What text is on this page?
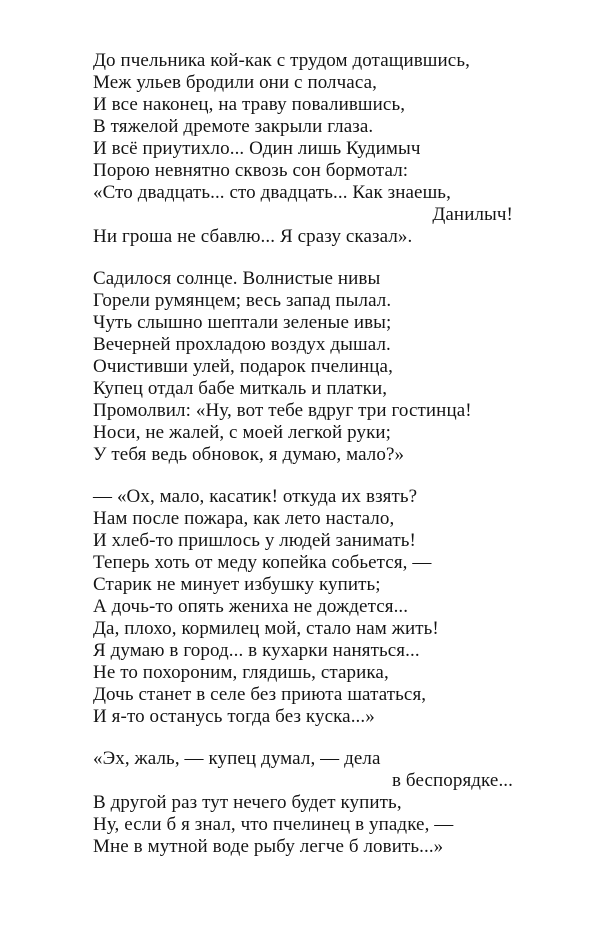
До пчельника кой-как с трудом дотащившись,
Меж ульев бродили они с полчаса,
И все наконец, на траву повалившись,
В тяжелой дремоте закрыли глаза.
И всё приутихло... Один лишь Кудимыч
Порою невнятно сквозь сон бормотал:
«Сто двадцать... сто двадцать... Как знаешь,
Данилыч!
Ни гроша не сбавлю... Я сразу сказал».
Садилося солнце. Волнистые нивы
Горели румянцем; весь запад пылал.
Чуть слышно шептали зеленые ивы;
Вечерней прохладою воздух дышал.
Очистивши улей, подарок пчелинца,
Купец отдал бабе миткаль и платки,
Промолвил: «Ну, вот тебе вдруг три гостинца!
Носи, не жалей, с моей легкой руки;
У тебя ведь обновок, я думаю, мало?»
— «Ох, мало, касатик! откуда их взять?
Нам после пожара, как лето настало,
И хлеб-то пришлось у людей занимать!
Теперь хоть от меду копейка собьется, —
Старик не минует избушку купить;
А дочь-то опять жениха не дождется...
Да, плохо, кормилец мой, стало нам жить!
Я думаю в город... в кухарки наняться...
Не то похороним, глядишь, старика,
Дочь станет в селе без приюта шататься,
И я-то останусь тогда без куска...»
«Эх, жаль, — купец думал, — дела
в беспорядке...
В другой раз тут нечего будет купить,
Ну, если б я знал, что пчелинец в упадке, —
Мне в мутной воде рыбу легче б ловить...»
